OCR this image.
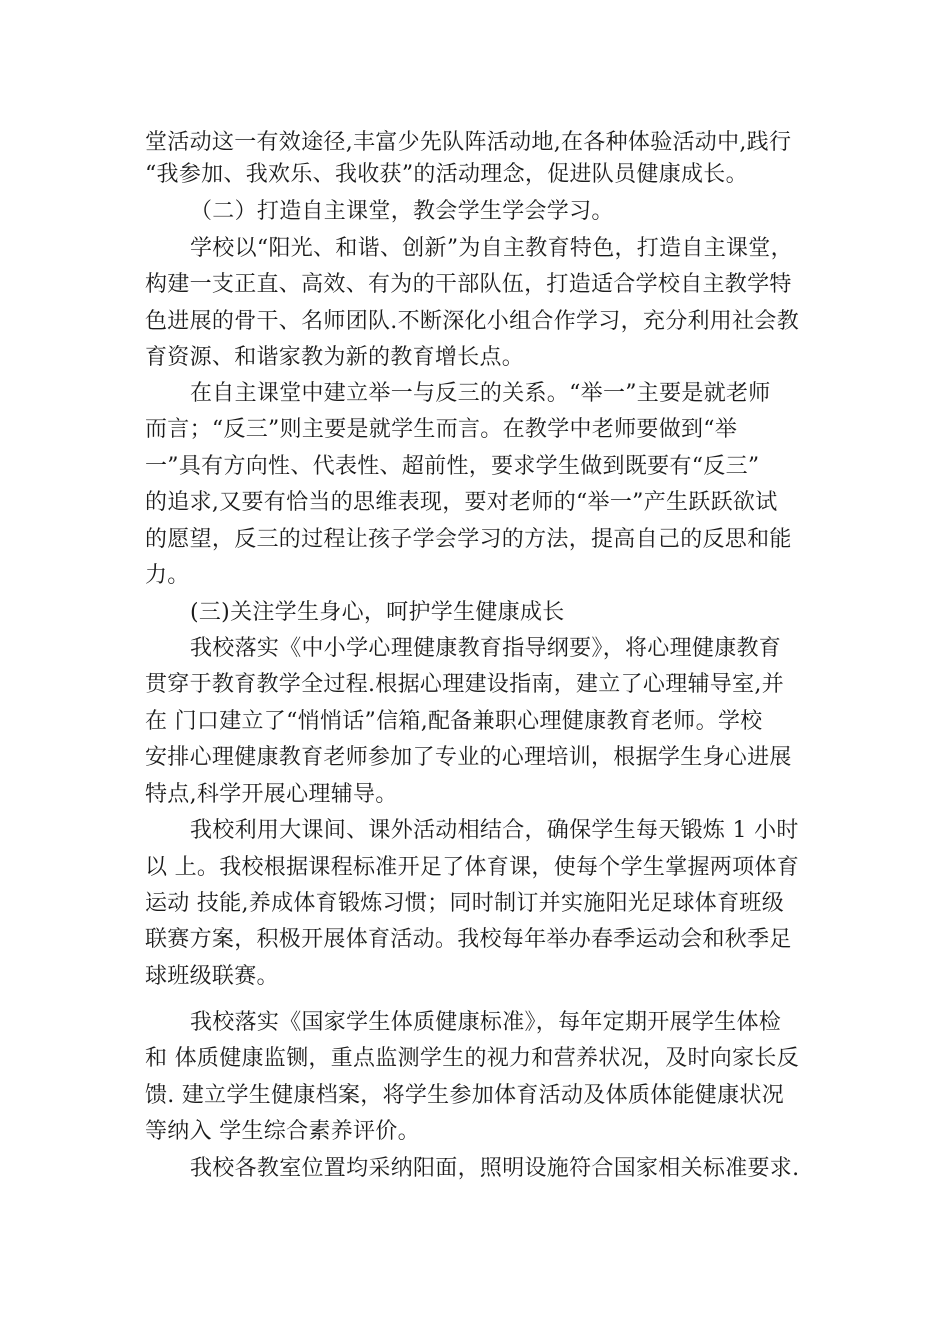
堂活动这一有效途径,丰富少先队阵活动地,在各种体验活动中,践行
“我参加、我欢乐、我收获”的活动理念，促进队员健康成长。
（二）打造自主课堂，教会学生学会学习。
学校以“阳光、和谐、创新”为自主教育特色，打造自主课堂，
构建一支正直、高效、有为的干部队伍，打造适合学校自主教学特
色进展的骨干、名师团队.不断深化小组合作学习，充分利用社会教
育资源、和谐家教为新的教育增长点。
在自主课堂中建立举一与反三的关系。“举一”主要是就老师
而言；“反三”则主要是就学生而言。在教学中老师要做到“举
一”具有方向性、代表性、超前性，要求学生做到既要有“反三”
的追求,又要有恰当的思维表现，要对老师的“举一”产生跃跃欲试
的愿望，反三的过程让孩子学会学习的方法，提高自己的反思和能
力。
(三)关注学生身心，呵护学生健康成长
我校落实《中小学心理健康教育指导纲要》，将心理健康教育
贯穿于教育教学全过程.根据心理建设指南，建立了心理辅导室,并
在 门口建立了“悄悄话”信箱,配备兼职心理健康教育老师。学校
安排心理健康教育老师参加了专业的心理培训，根据学生身心进展
特点,科学开展心理辅导。
我校利用大课间、课外活动相结合，确保学生每天锻炼 1 小时
以 上。我校根据课程标准开足了体育课，使每个学生掌握两项体育
运动 技能,养成体育锻炼习惯；同时制订并实施阳光足球体育班级
联赛方案，积极开展体育活动。我校每年举办春季运动会和秋季足
球班级联赛。
我校落实《国家学生体质健康标准》，每年定期开展学生体检
和 体质健康监铡，重点监测学生的视力和营养状况，及时向家长反
馈. 建立学生健康档案，将学生参加体育活动及体质体能健康状况
等纳入 学生综合素养评价。
我校各教室位置均采纳阳面，照明设施符合国家相关标准要求.
